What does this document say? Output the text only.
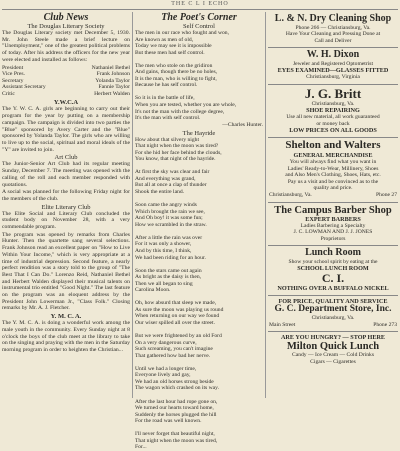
THE C L I ECHO

Club News

The Douglas Literary Society

The Douglas Literary society met December 5, 1930. Mr. John Steele made a brief lecture on "Unemployment," one of the greatest political problems of today. After his address the officers for the new year were elected and installed as follows:

President	Nathaniel Bethel
Vice Pres.	Frank Johnson
Secretary	Yolanda Taylor
Assistant Secretary	Fannie Taylor
Critic	Herbert Walden

Y.W.C.A

The Y. W. C. A. girls are beginning to carry out their program for the year by putting on a membership campaign. The campaign is divided into two parties the "Blue" sponsored by Avery Carter and the "Blue" sponsored by Yolanda Taylor. The girls who are willing to live up to the social, spiritual and moral ideals of the "Y" are invited to join.

Art Club

The Junior-Senior Art Club had its regular meeting Sunday, December 7. The meeting was opened with the calling of the roll and each member responded with quotations.

A social was planned for the following Friday night for the members of the club.

Elite Literary Club

The Elite Social and Literary Club concluded the student body on November 28, with a very commendable program.

The program was opened by remarks from Charles Hunter. Then the quartette sang several selections. Frank Johnson read an excellent paper on "How to Live Within Your Income," which is very appropriate at a time of industrial depression. Second feature, a nearly perfect rendition was a story told to the group of "The Best That I Can Do." Lorenzo Reid, Nathaniel Bethel and Herbert Walden displayed their musical talents on instrumental trio entitled "Good Night." The last feature on the program was an eloquent address by the President John Lowerman Jr., "Class Folk." Closing remarks by Mr. A. J. Fletcher.

Y. M. C. A.

The Y. M. C. A. is doing a wonderful work among the male youth in the community. Every Sunday night at 8 o'clock the boys of the club meet at the library to take on the singing and praying with the men in the Saturday morning program in order to heighten the Christian...

The Poet's Corner

Self Control

The men in our race who fought and won,
Are known as men of old,
Today we may see it is impossible
But these men had self control.

The men who stole on the gridiron
And gains, though there be no holes,
It is the man, who is willing to fight,
Because he has self control.

So it is in the battle of life,
When you are tested, whether you are whole,
It's not the man with the college degree,
It's the man with self control.

—Charles Hunter.

The Hayride

How about that silvery night
That night when the moon was tired?
For she hid her face behind the clouds,
You know, that night of the hayride.

At first the sky was clear and fair
And everything was grand,
But all at once a clap of thunder
Shook the entire land.

Soon came the angry winds
Which brought the rain we see,
And Oh boy! it was some fun;
How we scrambled in the straw.

After a little the rain was over
For it was only a shower,
And by this time, I think,
We had been riding for an hour.

Soon the stars came out again
As bright as the daisy is then,
Then we all began to sing
Carolina Moon.

Oh, how absurd that sleep we made,
As sure the moon was playing us round
When returning on our way we found
Our wiser spilled all over the street.

But we were frightened by an old Ford
On a very dangerous curve,
Such screaming, you can't imagine
That gathered how bad her nerve.

Until we had a longer time,
Everyone lively and gay,
We had an old horses strong beside
The wagon which crashed on its way.

After the last hour had rope gone on,
We turned our hearts toward home,
Suddenly the horses plugged the hill
For the road was well known.

I'll never forget that beautiful night,
That night when the moon was tired,
For...

L. & N. Dry Cleaning Shop

Phone 266 — Christiansburg, Va.

Have Your Cleaning and Pressing Done at

Call and Deliver

W. H. Dixon

Jeweler and Registered Optometrist

EYES EXAMINED—GLASSES FITTED

Christiansburg, Virginia

J. G. Britt

Christiansburg, Va.

SHOE REPAIRING

Use all new material, all work guaranteed

or money back

LOW PRICES ON ALL GOODS

Shelton and Walters

GENERAL MERCHANDISE

You will always find what you want in

Ladies' Ready-to-Wear, Millinery, Shoes

and Also Men's Clothing, Shoes, Hats, etc.

Pay us a visit and be convinced as to the

quality and price.

Christiansburg, Va.	Phone 27

The Campus Barber Shop

EXPERT BARBERS

Ladies Barbering a Specialty

J. C. LOWMAN AND J. J. JONES

Proprietors

Lunch Room

Show your school spirit by eating at the

SCHOOL LUNCH ROOM

C. I.

NOTHING OVER A BUFFALO NICKEL

FOR PRICE, QUALITY AND SERVICE

G. C. Department Store, Inc.

Christiansburg, Va.

Main Street	Phone 273

ARE YOU HUNGRY? — STOP HERE

Milton Quick Lunch

Candy — Ice Cream — Cold Drinks

Cigars — Cigarettes
